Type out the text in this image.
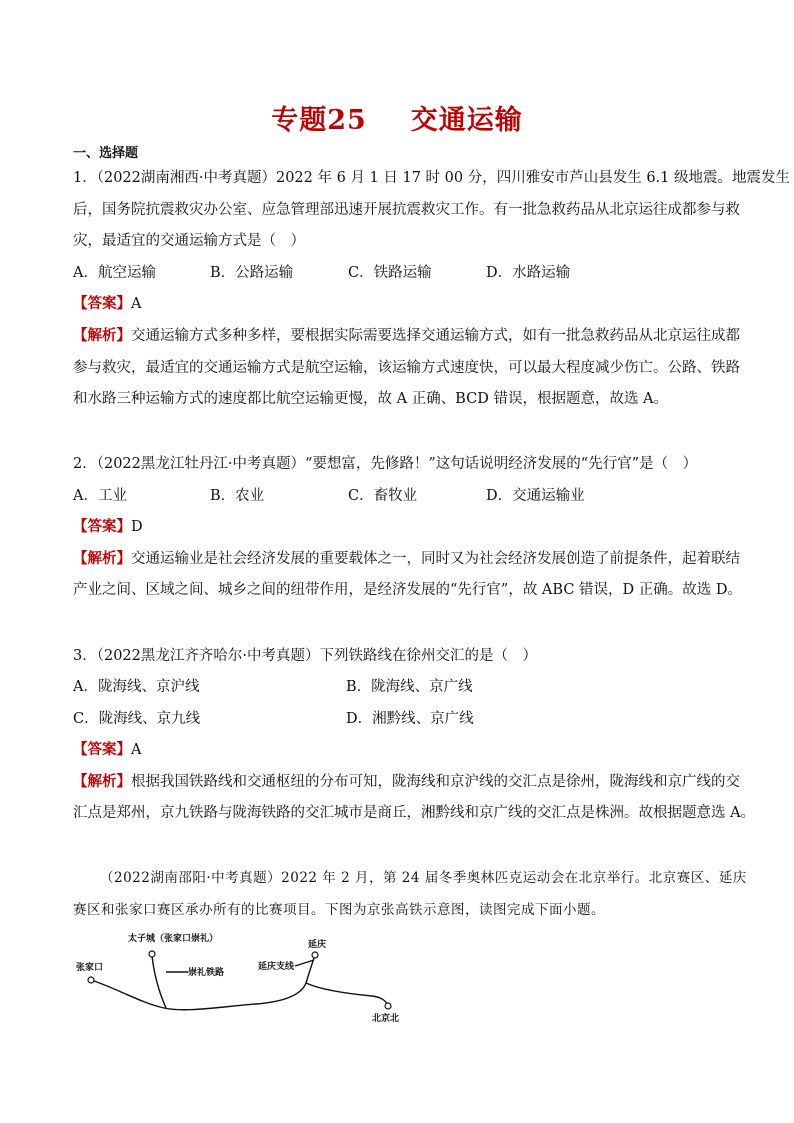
专题25 交通运输
一、选择题
1．（2022湖南湘西·中考真题）2022 年 6 月 1 日 17 时 00 分，四川雅安市芦山县发生 6.1 级地震。地震发生
后，国务院抗震救灾办公室、应急管理部迅速开展抗震救灾工作。有一批急救药品从北京运往成都参与救
灾，最适宜的交通运输方式是（　）
A．航空运输	B．公路运输	C．铁路运输	D．水路运输
【答案】A
【解析】交通运输方式多种多样，要根据实际需要选择交通运输方式，如有一批急救药品从北京运往成都
参与救灾，最适宜的交通运输方式是航空运输，该运输方式速度快，可以最大程度减少伤亡。公路、铁路
和水路三种运输方式的速度都比航空运输更慢，故 A 正确、BCD 错误，根据题意，故选 A。
2．（2022黑龙江牡丹江·中考真题）“要想富，先修路！”这句话说明经济发展的“先行官”是（　）
A．工业	B．农业	C．畜牧业	D．交通运输业
【答案】D
【解析】交通运输业是社会经济发展的重要载体之一，同时又为社会经济发展创造了前提条件，起着联结
产业之间、区域之间、城乡之间的纽带作用，是经济发展的“先行官”，故 ABC 错误，D 正确。故选 D。
3．（2022黑龙江齐齐哈尔·中考真题）下列铁路线在徐州交汇的是（　）
A．陇海线、京沪线	B．陇海线、京广线
C．陇海线、京九线	D．湘黔线、京广线
【答案】A
【解析】根据我国铁路线和交通枢纽的分布可知，陇海线和京沪线的交汇点是徐州，陇海线和京广线的交
汇点是郑州，京九铁路与陇海铁路的交汇城市是商丘，湘黔线和京广线的交汇点是株洲。故根据题意选 A。
（2022湖南邵阳·中考真题）2022 年 2 月，第 24 届冬季奥林匹克运动会在北京举行。北京赛区、延庆
赛区和张家口赛区承办所有的比赛项目。下图为京张高铁示意图，读图完成下面小题。
太子城（张家口崇礼）
崇礼铁路
张家口
延庆
延庆支线
北京北
